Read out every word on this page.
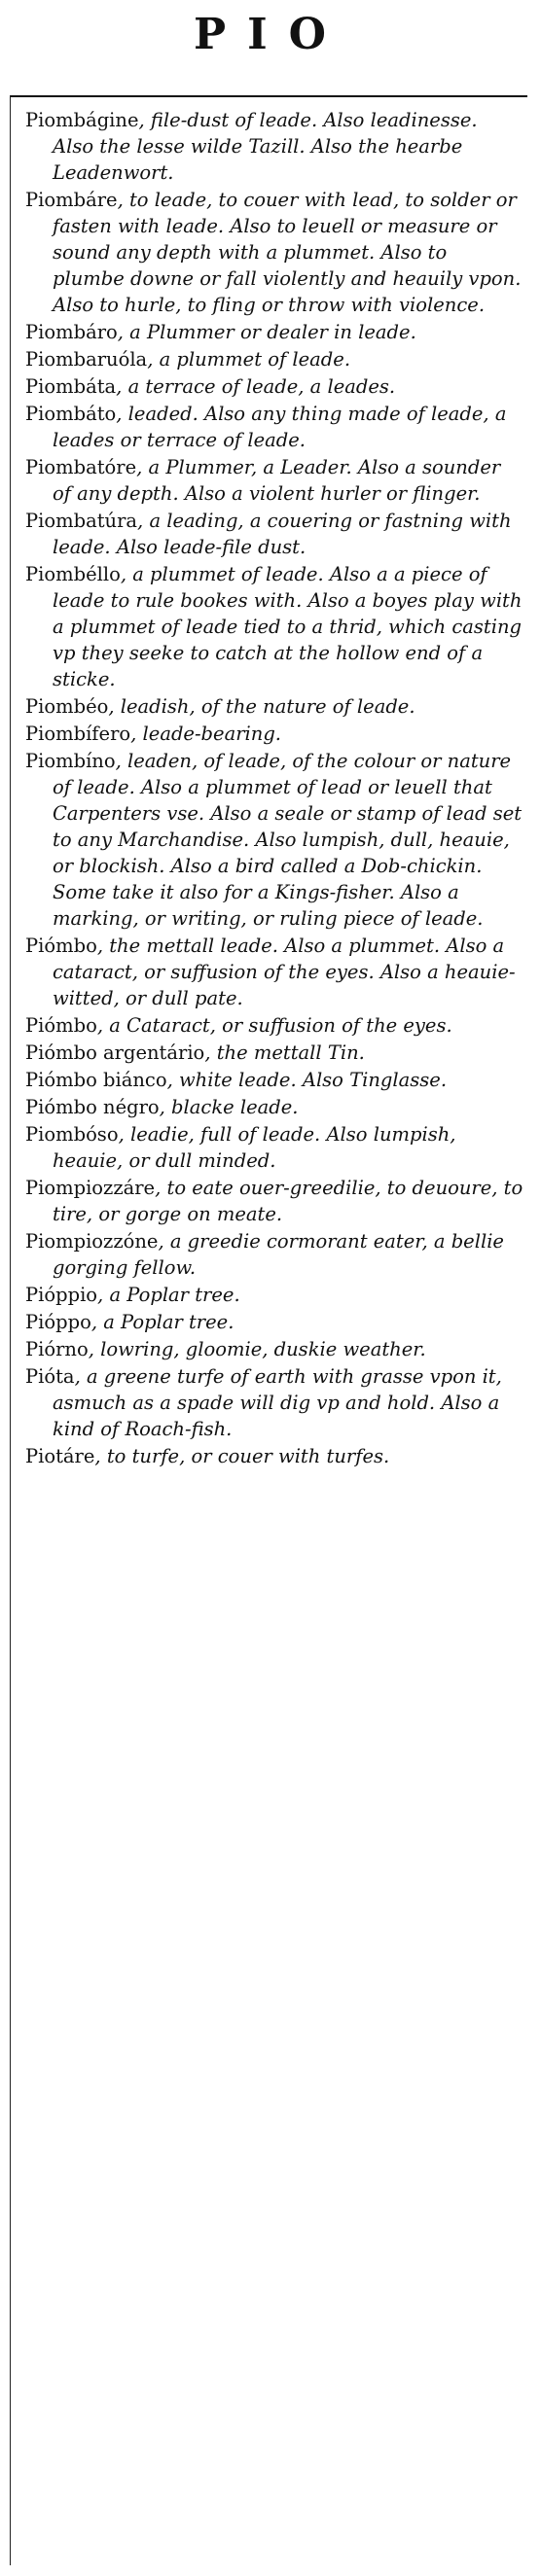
PIO

Piombágine, file-dust of leade. Also leadinesse. Also the lesse wilde Tazill. Also the hearbe Leadenwort.

Piombáre, to leade, to couer with lead, to solder or fasten with leade. Also to leuell or measure or sound any depth with a plummet. Also to plumbe downe or fall violently and heauily vpon. Also to hurle, to fling or throw with violence.

Piombáro, a Plummer or dealer in leade.

Piombaruóla, a plummet of leade.

Piombáta, a terrace of leade, a leades.

Piombáto, leaded. Also any thing made of leade, a leades or terrace of leade.

Piombatóre, a Plummer, a Leader. Also a sounder of any depth. Also a violent hurler or flinger.

Piombatúra, a leading, a couering or fastning with leade. Also leade-file dust.

Piombéllo, a plummet of leade. Also a a piece of leade to rule bookes with. Also a boyes play with a plummet of leade tied to a thrid, which casting vp they seeke to catch at the hollow end of a sticke.

Piombéo, leadish, of the nature of leade.

Piombífero, leade-bearing.

Piombíno, leaden, of leade, of the colour or nature of leade. Also a plummet of lead or leuell that Carpenters vse. Also a seale or stamp of lead set to any Marchandise. Also lumpish, dull, heauie, or blockish. Also a bird called a Dob-chickin. Some take it also for a Kings-fisher. Also a marking, or writing, or ruling piece of leade.

Piómbo, the mettall leade. Also a plummet. Also a cataract, or suffusion of the eyes. Also a heauie-witted, or dull pate.

Piómbo, a Cataract, or suffusion of the eyes.

Piómbo argentário, the mettall Tin.

Piómbo biánco, white leade. Also Tinglasse.

Piómbo négro, blacke leade.

Piombóso, leadie, full of leade. Also lumpish, heauie, or dull minded.

Piompiozzáre, to eate ouer-greedilie, to deuoure, to tire, or gorge on meate.

Piompiozzóne, a greedie cormorant eater, a bellie gorging fellow.

Pióppio, a Poplar tree.

Pióppo, a Poplar tree.

Piórno, lowring, gloomie, duskie weather.

Pióta, a greene turfe of earth with grasse vpon it, asmuch as a spade will dig vp and hold. Also a kind of Roach-fish.

Piotáre, to turfe, or couer with turfes.
